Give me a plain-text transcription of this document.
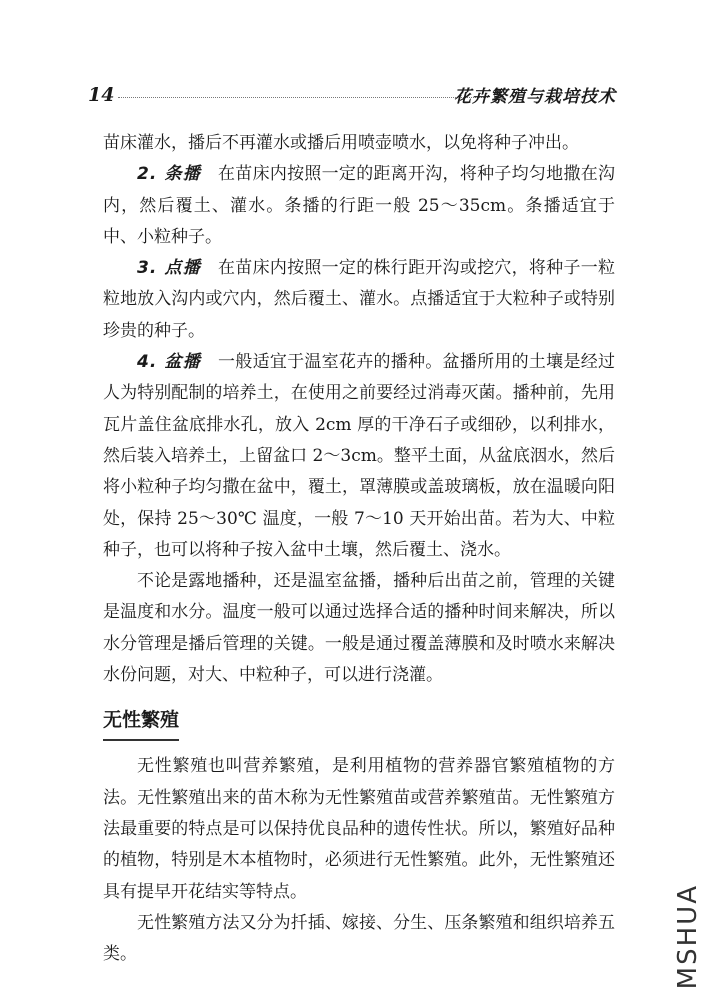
14	花卉繁殖与栽培技术

苗床灌水，播后不再灌水或播后用喷壶喷水，以免将种子冲出。

2. 条播 在苗床内按照一定的距离开沟，将种子均匀地撒在沟内，然后覆土、灌水。条播的行距一般 25～35cm。条播适宜于中、小粒种子。

3. 点播 在苗床内按照一定的株行距开沟或挖穴，将种子一粒粒地放入沟内或穴内，然后覆土、灌水。点播适宜于大粒种子或特别珍贵的种子。

4. 盆播 一般适宜于温室花卉的播种。盆播所用的土壤是经过人为特别配制的培养土，在使用之前要经过消毒灭菌。播种前，先用瓦片盖住盆底排水孔，放入 2cm 厚的干净石子或细砂，以利排水，然后装入培养土，上留盆口 2～3cm。整平土面，从盆底洇水，然后将小粒种子均匀撒在盆中，覆土，罩薄膜或盖玻璃板，放在温暖向阳处，保持 25～30℃ 温度，一般 7～10 天开始出苗。若为大、中粒种子，也可以将种子按入盆中土壤，然后覆土、浇水。

不论是露地播种，还是温室盆播，播种后出苗之前，管理的关键是温度和水分。温度一般可以通过选择合适的播种时间来解决，所以水分管理是播后管理的关键。一般是通过覆盖薄膜和及时喷水来解决水份问题，对大、中粒种子，可以进行浇灌。

无性繁殖

无性繁殖也叫营养繁殖，是利用植物的营养器官繁殖植物的方法。无性繁殖出来的苗木称为无性繁殖苗或营养繁殖苗。无性繁殖方法最重要的特点是可以保持优良品种的遗传性状。所以，繁殖好品种的植物，特别是木本植物时，必须进行无性繁殖。此外，无性繁殖还具有提早开花结实等特点。

无性繁殖方法又分为扦插、嫁接、分生、压条繁殖和组织培养五类。	MSHUA
